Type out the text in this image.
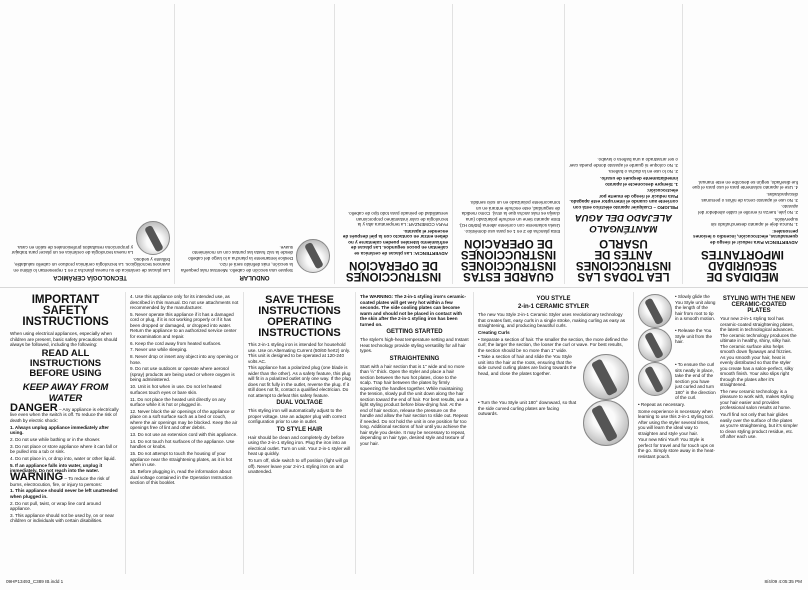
MEDIDAS DE SEGURIDAD IMPORTANTES

ADVERTENCIA Para reducir el riesgo de quemaduras, electrocución, incendio o lesiones personales:

1. Nunca deje el aparato desenchufado sin supervisión.

2. No jale, tuerza ni enrolle el cable alrededor del aparato.

3. No use el aparato cerca de niños o personas discapacitadas.

4. Use el aparato solamente para el uso para el que fue diseñado, según se describe en este manual.

LEA TODAS LAS INSTRUCCIONES ANTES DE USARLO
MANTÉNGALO ALEJADO DEL AGUA

PELIGRO – Cualquier aparato eléctrico está con corriente aun cuando el interruptor esté apagado. Para reducir el riesgo de muerte por electrocución:

1. Siempre desconecte el aparato inmediatamente después de usarlo.

2. No lo use en la ducha o bañera.

3. No coloque ni guarde el aparato donde pueda caer o ser arrastrado a una bañera o lavabo.

GUARDE ESTAS INSTRUCCIONES INSTRUCCIONES DE OPERACIÓN

Esta plancha de 2 en 1 es para uso doméstico. Úsela solamente con corriente alterna (50/60 Hz).

Este aparato tiene un enchufe polarizado (una clavija es más ancha que la otra). Como medida de seguridad, este enchufe entrará en un tomacorriente polarizado en un solo sentido.

INSTRUCCIONES DE OPERACIÓN

ADVERTENCIA: Las placas de cerámica se calientan en pocos segundos. Las placas de enfriamiento laterales pueden calentarse y no deben entrar en contacto con la piel después de encender el aparato.

PARA COMENZAR: La temperatura alta y la tecnología de calor instantáneo proporcionan versatilidad de peinado para todo tipo de cabello.

ONDULAR

Separe una sección de cabello. Mientras más pequeña la sección, más definido será el rizo.

Deslice lentamente la plancha a lo largo del cabello desde la raíz hasta las puntas con un movimiento suave.

TECNOLOGÍA CERÁMICA

Las placas de cerámica de su nueva plancha 2 en 1 representan lo último en avances tecnológicos. La tecnología cerámica produce un cabello saludable, brillante y sedoso.

La nueva tecnología de cerámica es un placer para trabajar y proporciona resultados profesionales de salón en casa.

IMPORTANT SAFETY INSTRUCTIONS

When using electrical appliances, especially when children are present, basic safety precautions should always be followed, including the following:

READ ALL INSTRUCTIONS BEFORE USING
KEEP AWAY FROM WATER

DANGER – Any appliance is electrically live even when the switch is off. To reduce the risk of death by electric shock:

1. Always unplug appliance immediately after using.

2. Do not use while bathing or in the shower.

3. Do not place or store appliance where it can fall or be pulled into a tub or sink.

4. Do not place in, or drop into, water or other liquid.

5. If an appliance falls into water, unplug it immediately. Do not reach into the water.

WARNING – To reduce the risk of burns, electrocution, fire, or injury to persons:

1. This appliance should never be left unattended when plugged in.

2. Do not pull, twist, or wrap line cord around appliance.

3. This appliance should not be used by, on or near children or individuals with certain disabilities.

4. Use this appliance only for its intended use, as described in this manual. Do not use attachments not recommended by the manufacturer.

5. Never operate this appliance if it has a damaged cord or plug, if it is not working properly or if it has been dropped or damaged, or dropped into water. Return the appliance to an authorized service center for examination and repair.

6. Keep the cord away from heated surfaces.

7. Never use while sleeping.

8. Never drop or insert any object into any opening or hose.

9. Do not use outdoors or operate where aerosol (spray) products are being used or where oxygen is being administered.

10. Unit is hot when in use. Do not let heated surfaces touch eyes or bare skin.

11. Do not place the heated unit directly on any surface while it is hot or plugged in.

12. Never block the air openings of the appliance or place on a soft surface such as a bed or couch, where the air openings may be blocked. Keep the air openings free of lint and other debris.

13. Do not use an extension cord with this appliance.

14. Do not touch hot surfaces of the appliance. Use handles or knobs.

15. Do not attempt to touch the housing of your appliance near the straightening plates, as it is hot when in use.

16. Before plugging in, read the information about dual voltage contained in the Operation Instruction section of this booklet.

SAVE THESE INSTRUCTIONS OPERATING INSTRUCTIONS

This 2-in-1 styling iron is intended for household use. Use on Alternating Current (50/60 hertz) only. This unit is designed to be operated at 120-240 volts AC.

This appliance has a polarized plug (one blade is wider than the other). As a safety feature, this plug will fit in a polarized outlet only one way. If the plug does not fit fully in the outlet, reverse the plug. If it still does not fit, contact a qualified electrician. Do not attempt to defeat this safety feature.

DUAL VOLTAGE

This styling iron will automatically adjust to the proper voltage. Use an adapter plug with correct configuration prior to use in outlet.

TO STYLE HAIR

Hair should be clean and completely dry before using the 2-in-1 styling iron. Plug the iron into an electrical outlet. Turn on unit. Your 2-in-1 styler will heat up quickly.

To turn off, slide switch to off position (light will go off). Never leave your 2-in-1 styling iron on and unattended.

The WARNING: The 2-in-1 styling iron's ceramic-coated plates will get very hot within a few seconds. The side cooling plates can become warm and should not be placed in contact with the skin after the 2-in-1 styling iron has been turned on.

GETTING STARTED

The styler's high-heat temperature setting and Instant Heat technology provide styling versatility for all hair types.

STRAIGHTENING

Start with a hair section that is 1" wide and no more than ½" thick. Open the styler and place a hair section between the two hot plates, close to the scalp. Trap hair between the plates by firmly squeezing the handles together. While maintaining the tension, slowly pull the unit down along the hair section toward the end of hair. For best results, use a light styling product before blow-drying hair. At the end of hair section, release the pressure on the handle and allow the hair section to slide out. Repeat if needed. Do not hold the unit in one position for too long. Additional sections of hair until you achieve the hair style you desire. It may be necessary to repeat, depending on hair type, desired style and texture of your hair.

YOU STYLE
2-in-1 CERAMIC STYLER

The new You Style 2-in-1 Ceramic Styler uses revolutionary technology that creates fast, easy curls in a single stroke, making curling as easy as straightening, and producing beautiful curls.

Creating Curls

• Separate a section of hair. The smaller the section, the more defined the curl; the larger the section, the looser the curl or wave. For best results, the section should be no more than 1" wide.

• Take a section of hair and slide the You Style unit into the hair at the roots, ensuring that the side curved curling plates are facing towards the head, and close the plates together.

• Turn the You Style unit 180° downward, so that the side curved curling plates are facing outwards.

• Slowly glide the You Style unit along the length of the hair from root to tip in a smooth motion.

• Release the You Style unit from the hair.

• To ensure the curl sits neatly in place, take the end of the section you have just curled and turn 180° in the direction of the curl.

• Repeat as necessary.

Some experience is necessary when learning to use this 2-in-1 styling tool. After using the styler several times, you will learn the ideal way to straighten and style your hair.

Your new Mini You® You Style is perfect for travel and for touch ups on the go. Simply store away in the heat-resistant pouch.

STYLING WITH THE NEW CERAMIC-COATED PLATES

Your new 2-in-1 styling tool has ceramic-coated straightening plates, the latest in technological advances. The ceramic technology produces the ultimate in healthy, shiny, silky hair. The ceramic surface also helps smooth down flyaways and frizzies. As you smooth your hair, heat is evenly distributed so that the styler you create has a salon-perfect, silky smooth finish. Your also slips right through the plates after it's straightened.

The new ceramic technology is a pleasure to work with, makes styling your hair easier and provides professional salon results at home.

You'll find not only that hair glides easily over the surface of the plates as you're straightening, but it's simpler to clean styling product residue, etc. off after each use.

09HP13493_C389 IB.indd 1	8/4/09 4:05:35 PM
